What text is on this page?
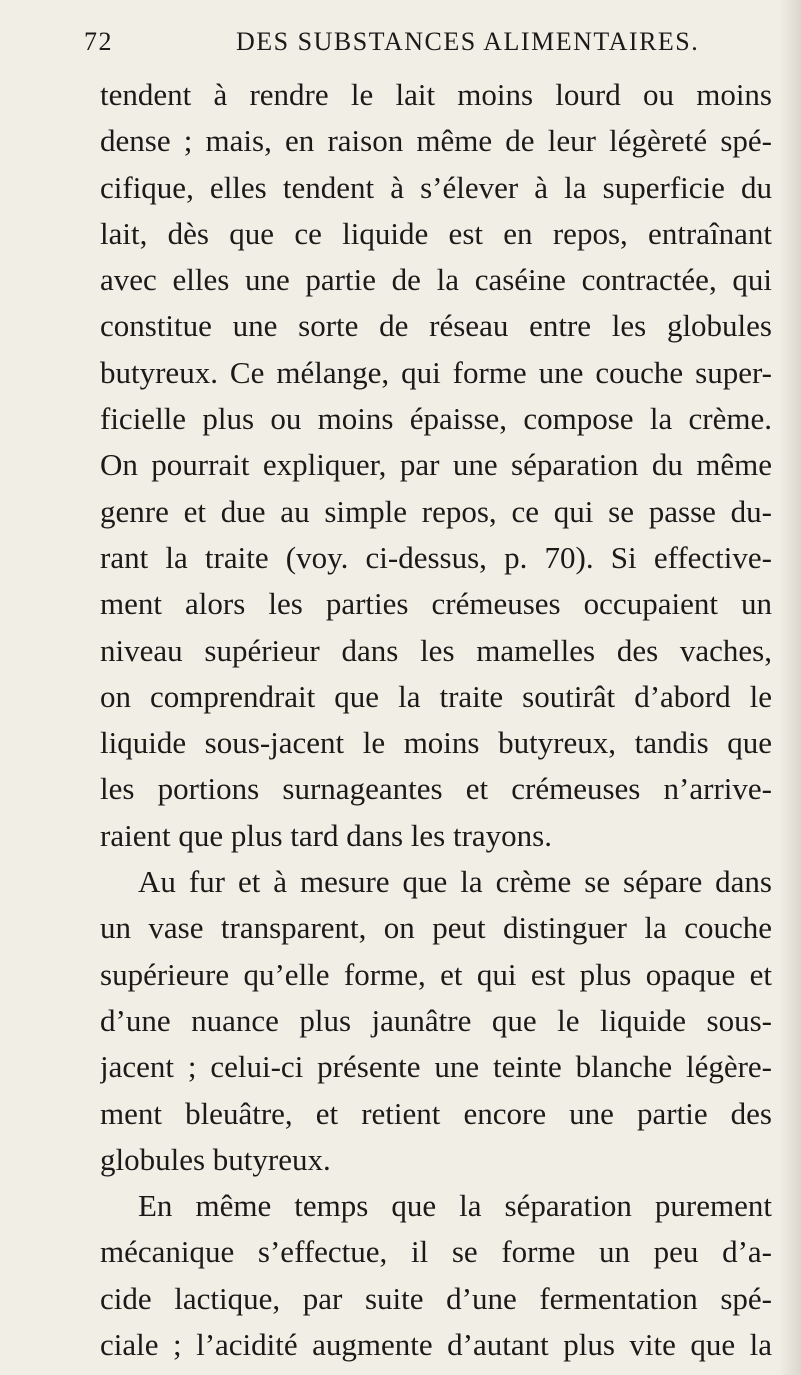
72	DES SUBSTANCES ALIMENTAIRES.
tendent à rendre le lait moins lourd ou moins
dense ; mais, en raison même de leur légèreté spé-
cifique, elles tendent à s’élever à la superficie du
lait, dès que ce liquide est en repos, entraînant
avec elles une partie de la caséine contractée, qui
constitue une sorte de réseau entre les globules
butyreux. Ce mélange, qui forme une couche super-
ficielle plus ou moins épaisse, compose la crème.
On pourrait expliquer, par une séparation du même
genre et due au simple repos, ce qui se passe du-
rant la traite (voy. ci-dessus, p. 70). Si effective-
ment alors les parties crémeuses occupaient un
niveau supérieur dans les mamelles des vaches,
on comprendrait que la traite soutirât d’abord le
liquide sous-jacent le moins butyreux, tandis que
les portions surnageantes et crémeuses n’arrive-
raient que plus tard dans les trayons.
Au fur et à mesure que la crème se sépare dans
un vase transparent, on peut distinguer la couche
supérieure qu’elle forme, et qui est plus opaque et
d’une nuance plus jaunâtre que le liquide sous-
jacent ; celui-ci présente une teinte blanche légère-
ment bleuâtre, et retient encore une partie des
globules butyreux.
En même temps que la séparation purement
mécanique s’effectue, il se forme un peu d’a-
cide lactique, par suite d’une fermentation spé-
ciale ; l’acidité augmente d’autant plus vite que la
